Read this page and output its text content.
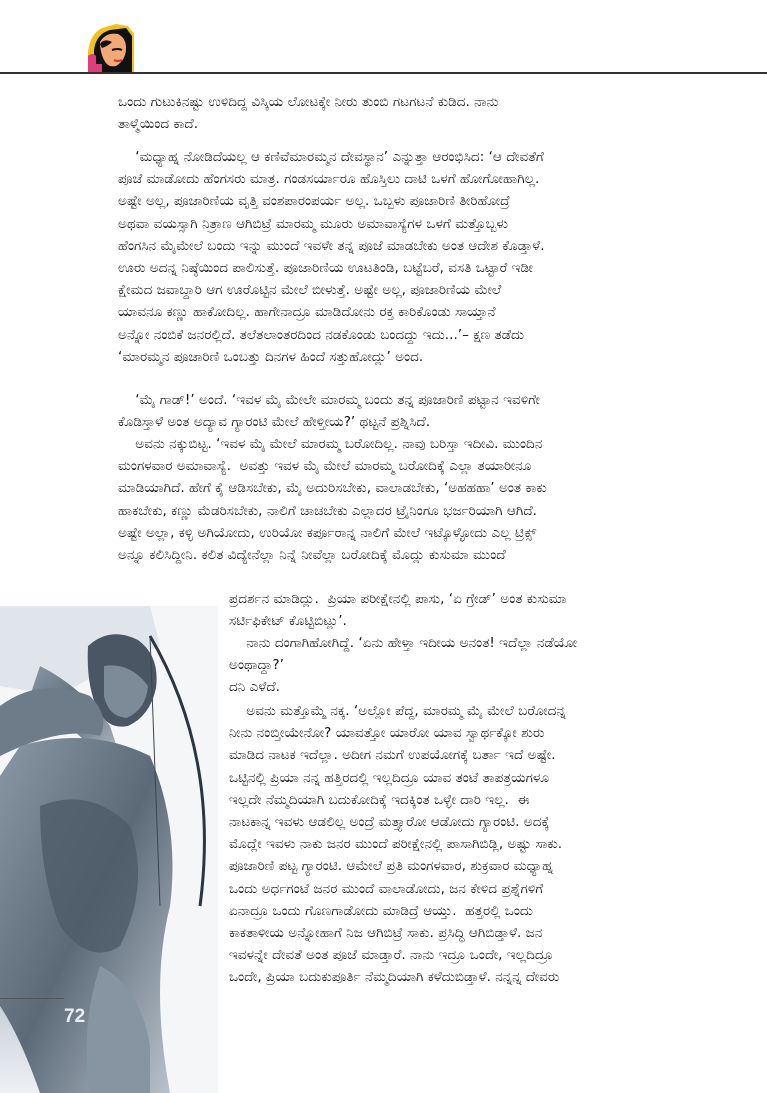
ಒಂದು ಗುಟುಕಿನಷ್ಟು ಉಳಿದಿದ್ದ ವಿಸ್ಕಿಯ ಲೋಟಕ್ಕೇ ನೀರು ತುಂಬಿ ಗಟಗಟನೆ ಕುಡಿದ. ನಾನು
ತಾಳ್ಮೆಯಿಂದ ಕಾದೆ.

‘ಮಧ್ಯಾಹ್ನ ನೋಡಿದೆಯಲ್ಲ ಆ ಕಣಿವೆಮಾರಮ್ಮನ ದೇವಸ್ಥಾನ’ ಎನ್ನುತ್ತಾ ಆರಂಭಿಸಿದ: ‘ಆ ದೇವತೆಗೆ
ಪೂಜೆ ಮಾಡೋದು ಹೆಂಗಸರು ಮಾತ್ರ. ಗಂಡಸರ್ಯಾರೂ ಹೊಸ್ತಿಲು ದಾಟಿ ಒಳಗೆ ಹೋಗೋಹಾಗಿಲ್ಲ.
ಅಷ್ಟೇ ಅಲ್ಲ, ಪೂಜಾರಿಣಿಯ ವೃತ್ತಿ ವಂಶಪಾರಂಪರ್ಯ ಅಲ್ಲ. ಒಬ್ಬಳು ಪೂಜಾರಿಣಿ ತೀರಿಹೋದ್ರೆ
ಅಥವಾ ವಯಸ್ಸಾಗಿ ನಿತ್ರಾಣ ಆಗಿಬಿಟ್ರೆ ಮಾರಮ್ಮ ಮೂರು ಅಮಾವಾಸ್ಯೆಗಳ ಒಳಗೆ ಮತ್ತೊಬ್ಬಳು
ಹೆಂಗಸಿನ ಮೈಮೇಲೆ ಬಂದು ಇನ್ನು ಮುಂದೆ ಇವಳೇ ತನ್ನ ಪೂಜೆ ಮಾಡಬೇಕು ಅಂತ ಆದೇಶ ಕೊಡ್ತಾಳೆ.
ಊರು ಅದನ್ನ ನಿಷ್ಠೆಯಿಂದ ಪಾಲಿಸುತ್ತೆ. ಪೂಜಾರಿಣಿಯ ಊಟತಿಂಡಿ, ಬಟ್ಟೆಬರೆ, ವಸತಿ ಒಟ್ಟಾರೆ ಇಡೀ
ಕ್ಷೇಮದ ಜವಾಬ್ದಾರಿ ಆಗ ಊರೊಟ್ಟಿನ ಮೇಲೆ ಬೀಳುತ್ತೆ. ಅಷ್ಟೇ ಅಲ್ಲ, ಪೂಜಾರಿಣಿಯ ಮೇಲೆ
ಯಾವನೂ ಕಣ್ಣು ಹಾಕೋದಿಲ್ಲ. ಹಾಗೇನಾದ್ರೂ ಮಾಡಿದೋನು ರಕ್ತ ಕಾರಿಕೊಂಡು ಸಾಯ್ತಾನೆ
ಅನ್ನೋ ನಂಬಿಕೆ ಜನರಲ್ಲಿದೆ. ತಲೆತಲಾಂತರದಿಂದ ನಡಕೊಂಡು ಬಂದದ್ದು ಇದು...’– ಕ್ಷಣ ತಡೆದು
‘ಮಾರಮ್ಮನ ಪೂಜಾರಿಣಿ ಒಂಬತ್ತು ದಿನಗಳ ಹಿಂದೆ ಸತ್ತುಹೋದ್ಲು’ ಅಂದ.

‘ಮೈ ಗಾಡ್!’ ಅಂದೆ. ‘ಇವಳ ಮೈ ಮೇಲೇ ಮಾರಮ್ಮ ಬಂದು ತನ್ನ ಪೂಜಾರಿಣಿ ಪಟ್ಟಾನ ಇವಳಿಗೇ
ಕೊಡಿಸ್ತಾಳೆ ಅಂತ ಅದ್ಯಾವ ಗ್ಯಾರಂಟಿ ಮೇಲೆ ಹೇಳ್ತೀಯ?’ ಥಟ್ಟನೆ ಪ್ರಶ್ನಿಸಿದೆ.

ಅವನು ನಕ್ಕುಬಿಟ್ಟ. ‘ಇವಳ ಮೈ ಮೇಲೆ ಮಾರಮ್ಮ ಬರೋದಿಲ್ಲ. ನಾವು ಬರಿಸ್ತಾ ಇದೀವಿ. ಮುಂದಿನ
ಮಂಗಳವಾರ ಅಮಾವಾಸ್ಯೆ.  ಅವತ್ತು ಇವಳ ಮೈ ಮೇಲೆ ಮಾರಮ್ಮ ಬರೋದಿಕ್ಕೆ ಎಲ್ಲಾ ತಯಾರೀನೂ
ಮಾಡಿಯಾಗಿದೆ. ಹೇಗೆ ಕೈ ಆಡಿಸಬೇಕು, ಮೈ ಅದುರಿಸಬೇಕು, ವಾಲಾಡಬೇಕು, ‘ಅಹಹಹಾ’ ಅಂತ ಕಾಕು
ಹಾಕಬೇಕು, ಕಣ್ಣು ಮೆಡರಿಸಬೇಕು, ನಾಲಿಗೆ ಚಾಚಬೇಕು ಎಲ್ಲಾದರ ಟ್ರೈನಿಂಗೂ ಭರ್ಜರಿಯಾಗಿ ಆಗಿದೆ.
ಅಷ್ಟೇ ಅಲ್ಲಾ, ಕಳ್ಳಿ ಅಗಿಯೋದು, ಉರಿಯೋ ಕರ್ಪೂರಾನ್ನ ನಾಲಿಗೆ ಮೇಲೆ ಇಟ್ಕೊಳ್ಳೋದು ಎಲ್ಲ ಟ್ರಿಕ್ಸ್
ಅನ್ನೂ ಕಲಿಸಿದ್ದೀನಿ. ಕಲಿತ ವಿದ್ಯೇನೆಲ್ಲಾ ನಿನ್ನೆ ನೀವೆಲ್ಲಾ ಬರೋದಿಕ್ಕೆ ಮೊದ್ಲು ಕುಸುಮಾ ಮುಂದೆ

ಪ್ರದರ್ಶನ ಮಾಡಿದ್ಲು.  ಪ್ರಿಯಾ ಪರೀಕ್ಷೇನಲ್ಲಿ ಪಾಸು, ‘ಏ ಗ್ರೇಡ್’ ಅಂತ ಕುಸುಮಾ
ಸರ್ಟಿಫಿಕೇಟ್ ಕೊಟ್ಟಿಬಿಟ್ಲು’.

ನಾನು ದಂಗಾಗಿಹೋಗಿದ್ದೆ. ‘ಏನು ಹೇಳ್ತಾ ಇದೀಯ ಅನಂತ! ಇದೆಲ್ಲಾ ನಡೆಯೋ
ಅಂಥಾದ್ದಾ?’
ದನಿ ಎಳೆದೆ.

ಅವನು ಮತ್ತೊಮ್ಮೆ ನಕ್ಕ. ‘ಅಲ್ಲೋ ಪೆದ್ದ, ಮಾರಮ್ಮ ಮೈ ಮೇಲೆ ಬರೋದನ್ನ
ನೀನು ನಂಬ್ತೀಯೇನೋ? ಯಾವತ್ತೋ ಯಾರೋ ಯಾವ ಸ್ವಾರ್ಥಕ್ಕೋ ಶುರು
ಮಾಡಿದ ನಾಟಕ ಇದೆಲ್ಲಾ. ಅದೀಗ ನಮಗೆ ಉಪಯೋಗಕ್ಕೆ ಬರ್ತಾ ಇದೆ ಅಷ್ಟೇ.
ಒಟ್ಟಿನಲ್ಲಿ ಪ್ರಿಯಾ ನನ್ನ ಹತ್ತಿರದಲ್ಲಿ ಇಲ್ಲದಿದ್ರೂ ಯಾವ ತಂಟೆ ತಾಪತ್ರಯಗಳೂ
ಇಲ್ಲದೇ ನೆಮ್ಮದಿಯಾಗಿ ಬದುಕೋದಿಕ್ಕೆ ಇದಕ್ಕಿಂತ ಒಳ್ಳೇ ದಾರಿ ಇಲ್ಲ.  ಈ
ನಾಟಕಾನ್ನ ಇವಳು ಆಡಲಿಲ್ಲ ಅಂದ್ರೆ ಮತ್ತ್ಯಾರೋ ಆಡೋದು ಗ್ಯಾರಂಟಿ. ಅದಕ್ಕೆ
ಮೊದ್ಲೇ ಇವಳು ನಾಕು ಜನರ ಮುಂದೆ ಪರೀಕ್ಷೇನಲ್ಲಿ ಪಾಸಾಗಿಬಿಡ್ಲಿ, ಅಷ್ಟು ಸಾಕು.
ಪೂಜಾರಿಣಿ ಪಟ್ಟ ಗ್ಯಾರಂಟಿ. ಆಮೇಲೆ ಪ್ರತಿ ಮಂಗಳವಾರ, ಶುಕ್ರವಾರ ಮಧ್ಯಾಹ್ನ
ಒಂದು ಅರ್ಧಗಂಟೆ ಜನರ ಮುಂದೆ ವಾಲಾಡೋದು, ಜನ ಕೇಳಿದ ಪ್ರಶ್ನೆಗಳಿಗೆ
ಏನಾದ್ರೂ ಒಂದು ಗೊಣಗಾಡೋದು ಮಾಡಿದ್ರೆ ಆಯ್ತು.  ಹತ್ತರಲ್ಲಿ ಒಂದು
ಕಾಕತಾಳೀಯ ಅನ್ನೋಹಾಗೆ ನಿಜ ಆಗಿಬಿಟ್ರೆ ಸಾಕು. ಪ್ರಸಿದ್ಧಿ ಆಗಿಬಿಡ್ತಾಳೆ. ಜನ
ಇವಳನ್ನೇ ದೇವತೆ ಅಂತ ಪೂಜೆ ಮಾಡ್ತಾರೆ. ನಾನು ಇದ್ರೂ ಒಂದೇ, ಇಲ್ಲದಿದ್ರೂ
ಒಂದೇ, ಪ್ರಿಯಾ ಬದುಕುಪೂರ್ತಿ ನೆಮ್ಮದಿಯಾಗಿ ಕಳೆದುಬಿಡ್ತಾಳೆ. ನನ್ನನ್ನ ದೇವರು

72
